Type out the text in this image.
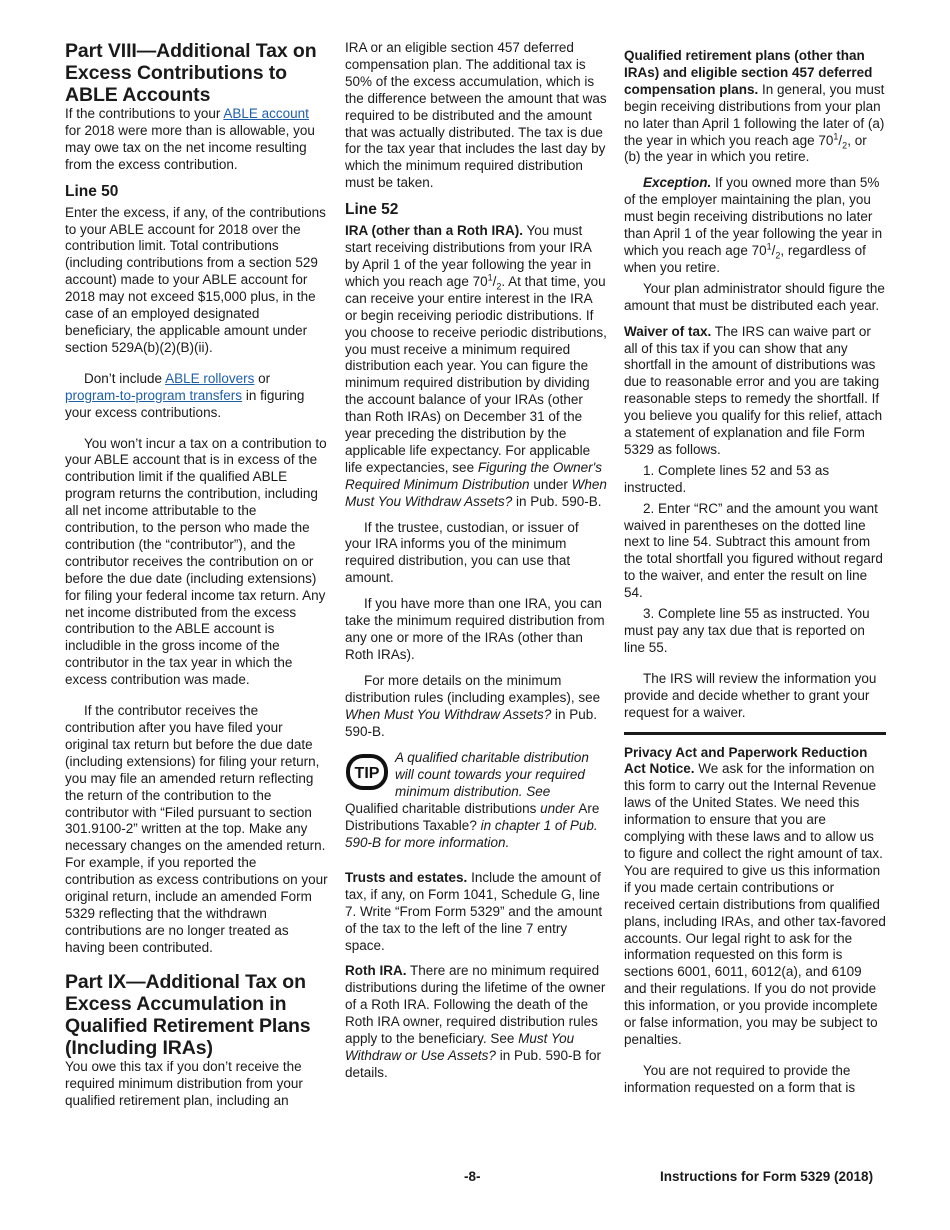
Part VIII—Additional Tax on Excess Contributions to ABLE Accounts

If the contributions to your ABLE account for 2018 were more than is allowable, you may owe tax on the net income resulting from the excess contribution.

Line 50

Enter the excess, if any, of the contributions to your ABLE account for 2018 over the contribution limit. Total contributions (including contributions from a section 529 account) made to your ABLE account for 2018 may not exceed $15,000 plus, in the case of an employed designated beneficiary, the applicable amount under section 529A(b)(2)(B)(ii).

Don’t include ABLE rollovers or program-to-program transfers in figuring your excess contributions.

You won’t incur a tax on a contribution to your ABLE account that is in excess of the contribution limit if the qualified ABLE program returns the contribution, including all net income attributable to the contribution, to the person who made the contribution (the “contributor”), and the contributor receives the contribution on or before the due date (including extensions) for filing your federal income tax return. Any net income distributed from the excess contribution to the ABLE account is includible in the gross income of the contributor in the tax year in which the excess contribution was made.

If the contributor receives the contribution after you have filed your original tax return but before the due date (including extensions) for filing your return, you may file an amended return reflecting the return of the contribution to the contributor with “Filed pursuant to section 301.9100-2” written at the top. Make any necessary changes on the amended return. For example, if you reported the contribution as excess contributions on your original return, include an amended Form 5329 reflecting that the withdrawn contributions are no longer treated as having been contributed.

Part IX—Additional Tax on Excess Accumulation in Qualified Retirement Plans (Including IRAs)

You owe this tax if you don’t receive the required minimum distribution from your qualified retirement plan, including an

IRA or an eligible section 457 deferred compensation plan. The additional tax is 50% of the excess accumulation, which is the difference between the amount that was required to be distributed and the amount that was actually distributed. The tax is due for the tax year that includes the last day by which the minimum required distribution must be taken.

Line 52

IRA (other than a Roth IRA). You must start receiving distributions from your IRA by April 1 of the year following the year in which you reach age $70^1/_2$. At that time, you can receive your entire interest in the IRA or begin receiving periodic distributions. If you choose to receive periodic distributions, you must receive a minimum required distribution each year. You can figure the minimum required distribution by dividing the account balance of your IRAs (other than Roth IRAs) on December 31 of the year preceding the distribution by the applicable life expectancy. For applicable life expectancies, see Figuring the Owner's Required Minimum Distribution under When Must You Withdraw Assets? in Pub. 590-B.

If the trustee, custodian, or issuer of your IRA informs you of the minimum required distribution, you can use that amount.

If you have more than one IRA, you can take the minimum required distribution from any one or more of the IRAs (other than Roth IRAs).

For more details on the minimum distribution rules (including examples), see When Must You Withdraw Assets? in Pub. 590-B.

TIP

A qualified charitable distribution will count towards your required minimum distribution. See Qualified charitable distributions under Are Distributions Taxable? in chapter 1 of Pub. 590-B for more information.

Trusts and estates. Include the amount of tax, if any, on Form 1041, Schedule G, line 7. Write “From Form 5329” and the amount of the tax to the left of the line 7 entry space.

Roth IRA. There are no minimum required distributions during the lifetime of the owner of a Roth IRA. Following the death of the Roth IRA owner, required distribution rules apply to the beneficiary. See Must You Withdraw or Use Assets? in Pub. 590-B for details.

Qualified retirement plans (other than IRAs) and eligible section 457 deferred compensation plans. In general, you must begin receiving distributions from your plan no later than April 1 following the later of (a) the year in which you reach age $70^1/_2$, or (b) the year in which you retire.

Exception. If you owned more than 5% of the employer maintaining the plan, you must begin receiving distributions no later than April 1 of the year following the year in which you reach age $70^1/_2$, regardless of when you retire.

Your plan administrator should figure the amount that must be distributed each year.

Waiver of tax. The IRS can waive part or all of this tax if you can show that any shortfall in the amount of distributions was due to reasonable error and you are taking reasonable steps to remedy the shortfall. If you believe you qualify for this relief, attach a statement of explanation and file Form 5329 as follows.

1. Complete lines 52 and 53 as instructed.

2. Enter “RC” and the amount you want waived in parentheses on the dotted line next to line 54. Subtract this amount from the total shortfall you figured without regard to the waiver, and enter the result on line 54.

3. Complete line 55 as instructed. You must pay any tax due that is reported on line 55.

The IRS will review the information you provide and decide whether to grant your request for a waiver.

Privacy Act and Paperwork Reduction Act Notice. We ask for the information on this form to carry out the Internal Revenue laws of the United States. We need this information to ensure that you are complying with these laws and to allow us to figure and collect the right amount of tax. You are required to give us this information if you made certain contributions or received certain distributions from qualified plans, including IRAs, and other tax-favored accounts. Our legal right to ask for the information requested on this form is sections 6001, 6011, 6012(a), and 6109 and their regulations. If you do not provide this information, or you provide incomplete or false information, you may be subject to penalties.

You are not required to provide the information requested on a form that is

-8-	Instructions for Form 5329 (2018)
